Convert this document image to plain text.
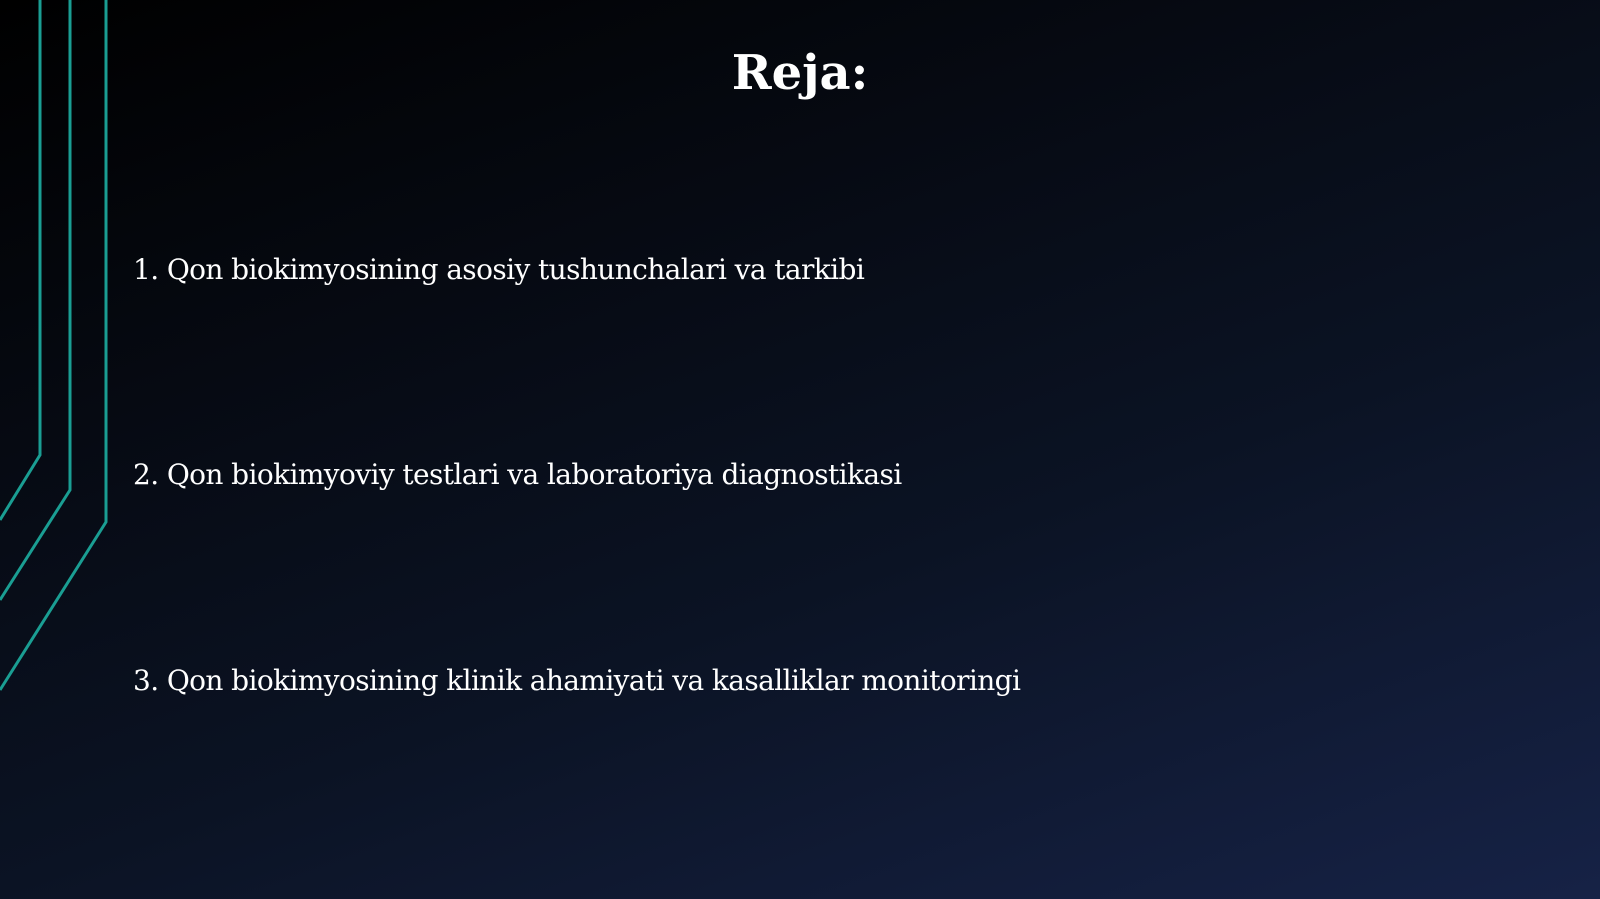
Reja:
1. Qon biokimyosining asosiy tushunchalari va tarkibi
2. Qon biokimyoviy testlari va laboratoriya diagnostikasi
3. Qon biokimyosining klinik ahamiyati va kasalliklar monitoringi
